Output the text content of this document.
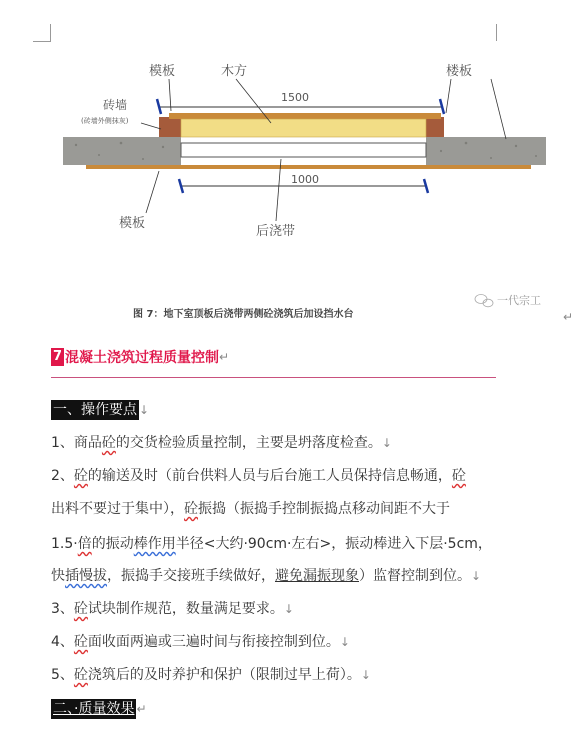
模板	木方	楼板
砖墙
(砖墙外侧抹灰)
1500
1000
模板
后浇带
图 7：地下室顶板后浇带两侧砼浇筑后加设挡水台
一代宗工
↵
7 混凝土浇筑过程质量控制 ↵
一、操作要点 ↓
1、商品砼的交货检验质量控制，主要是坍落度检查。↓
2、砼的输送及时（前台供料人员与后台施工人员保持信息畅通，砼
出料不要过于集中），砼振捣（振捣手控制振捣点移动间距不大于
1.5·倍的振动棒作用半径<大约·90cm·左右>，振动棒进入下层·5cm，
快插慢拔，振捣手交接班手续做好，避免漏振现象）监督控制到位。↓
3、砼试块制作规范，数量满足要求。↓
4、砼面收面两遍或三遍时间与衔接控制到位。↓
5、砼浇筑后的及时养护和保护（限制过早上荷）。↓
二、·质量效果 ↵
